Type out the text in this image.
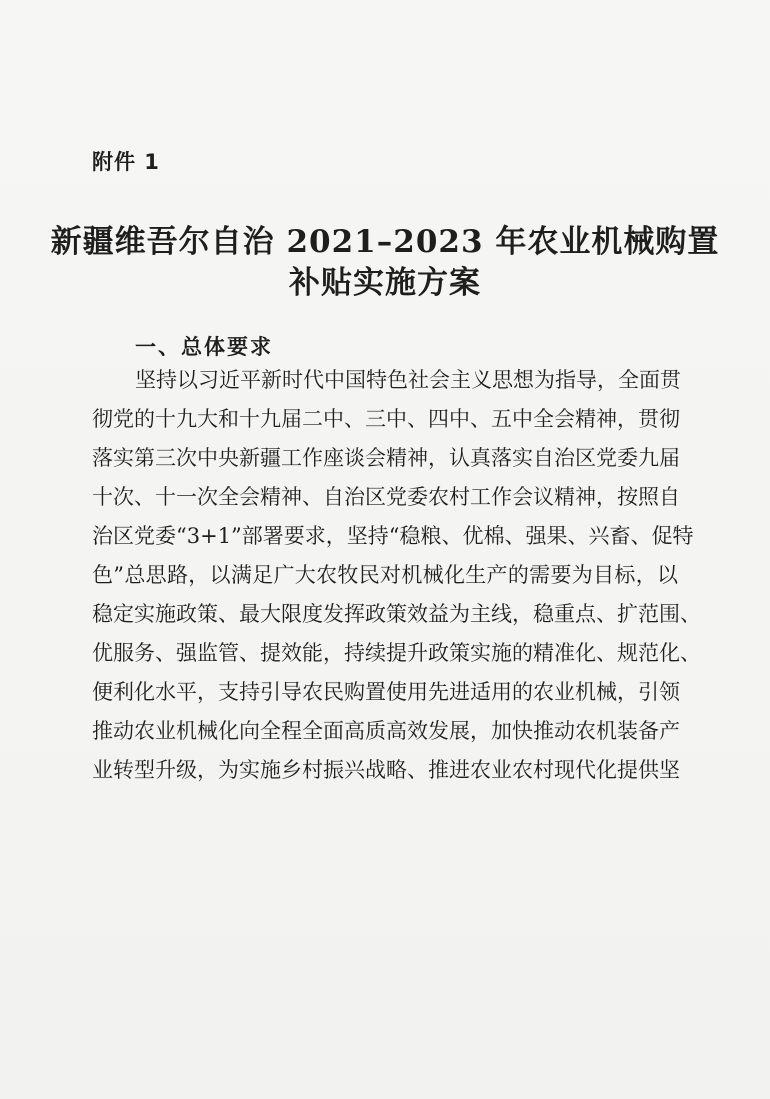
附件 1
新疆维吾尔自治 2021–2023 年农业机械购置
补贴实施方案
一、总体要求
坚持以习近平新时代中国特色社会主义思想为指导，全面贯
彻党的十九大和十九届二中、三中、四中、五中全会精神，贯彻
落实第三次中央新疆工作座谈会精神，认真落实自治区党委九届
十次、十一次全会精神、自治区党委农村工作会议精神，按照自
治区党委“3+1”部署要求，坚持“稳粮、优棉、强果、兴畜、促特
色”总思路，以满足广大农牧民对机械化生产的需要为目标，以
稳定实施政策、最大限度发挥政策效益为主线，稳重点、扩范围、
优服务、强监管、提效能，持续提升政策实施的精准化、规范化、
便利化水平，支持引导农民购置使用先进适用的农业机械，引领
推动农业机械化向全程全面高质高效发展，加快推动农机装备产
业转型升级，为实施乡村振兴战略、推进农业农村现代化提供坚
